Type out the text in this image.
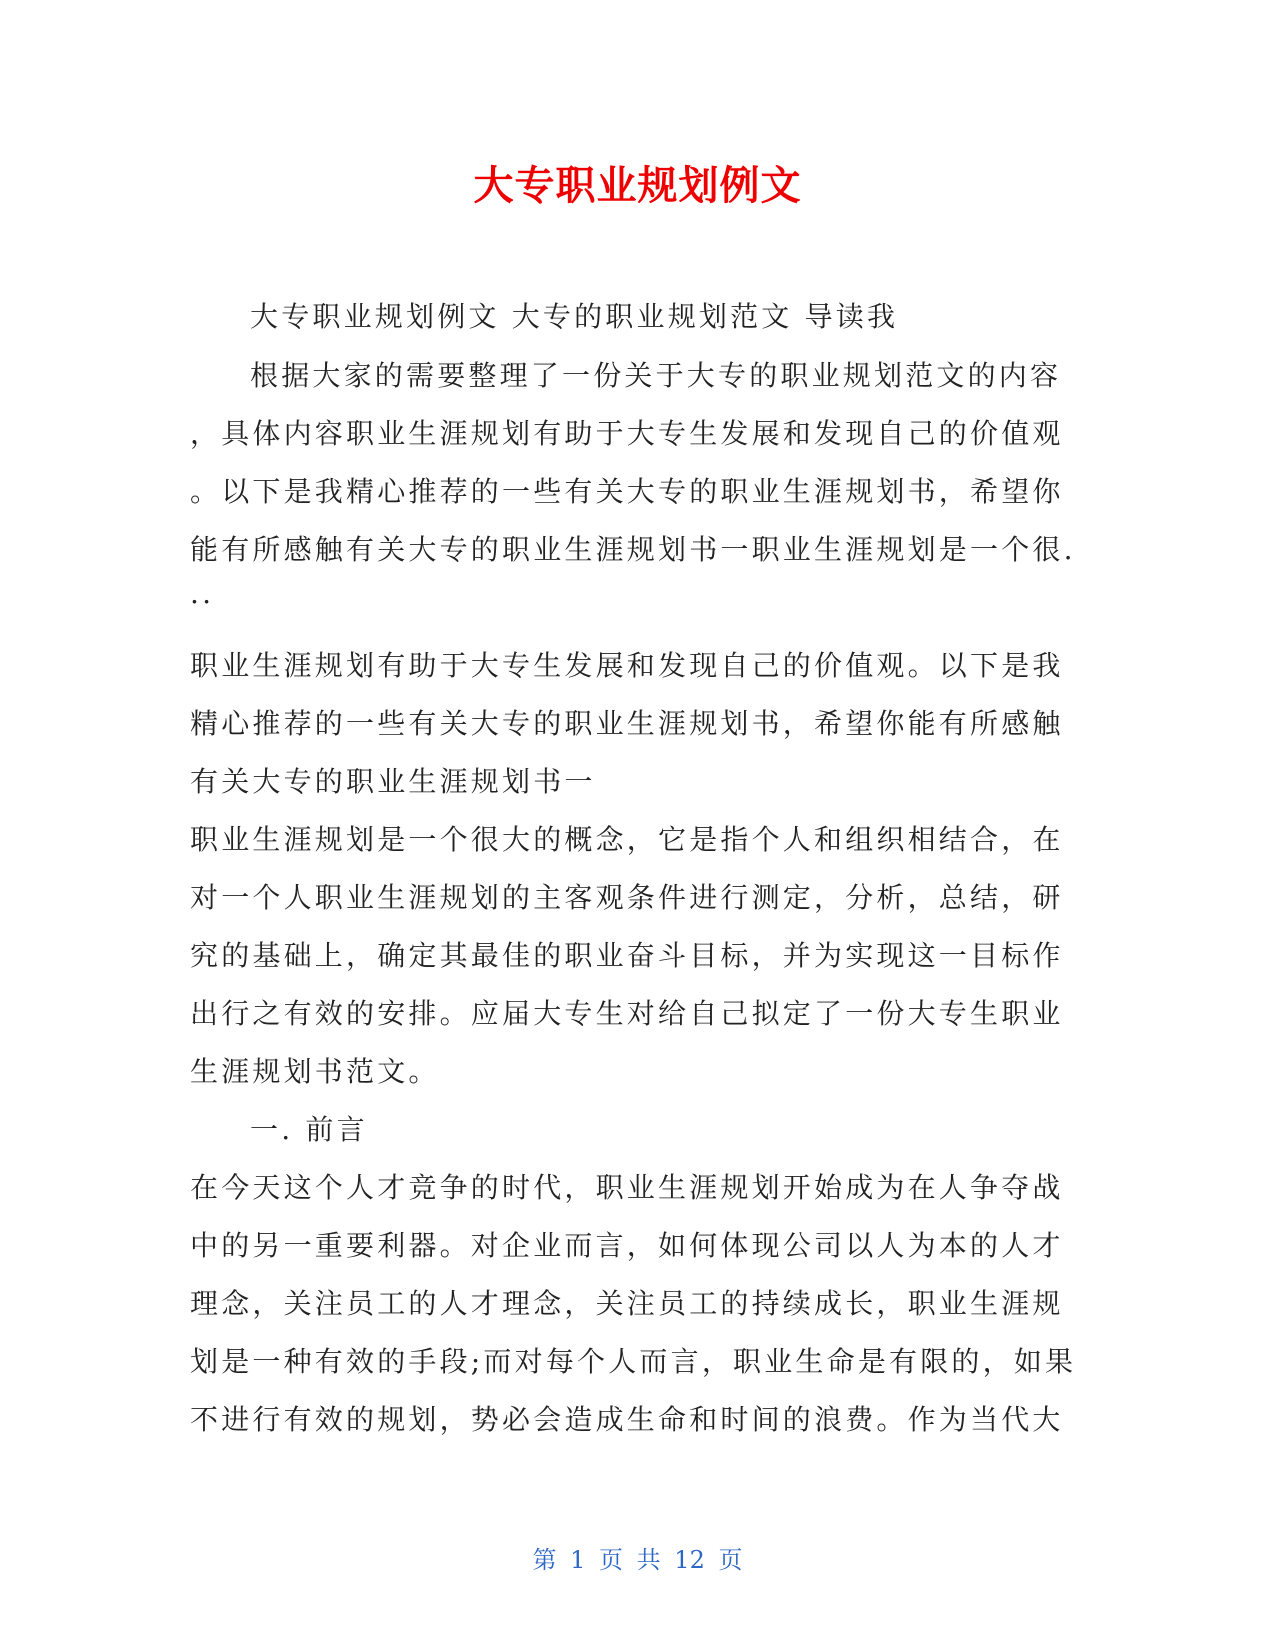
大专职业规划例文

大专职业规划例文 大专的职业规划范文 导读我

根据大家的需要整理了一份关于大专的职业规划范文的内容

，具体内容职业生涯规划有助于大专生发展和发现自己的价值观

。以下是我精心推荐的一些有关大专的职业生涯规划书，希望你

能有所感触有关大专的职业生涯规划书一职业生涯规划是一个很.

..

职业生涯规划有助于大专生发展和发现自己的价值观。以下是我

精心推荐的一些有关大专的职业生涯规划书，希望你能有所感触

有关大专的职业生涯规划书一

职业生涯规划是一个很大的概念，它是指个人和组织相结合，在

对一个人职业生涯规划的主客观条件进行测定，分析，总结，研

究的基础上，确定其最佳的职业奋斗目标，并为实现这一目标作

出行之有效的安排。应届大专生对给自己拟定了一份大专生职业

生涯规划书范文。

一. 前言

在今天这个人才竞争的时代，职业生涯规划开始成为在人争夺战

中的另一重要利器。对企业而言，如何体现公司以人为本的人才

理念，关注员工的人才理念，关注员工的持续成长，职业生涯规

划是一种有效的手段;而对每个人而言，职业生命是有限的，如果

不进行有效的规划，势必会造成生命和时间的浪费。作为当代大

第 1 页 共 12 页
